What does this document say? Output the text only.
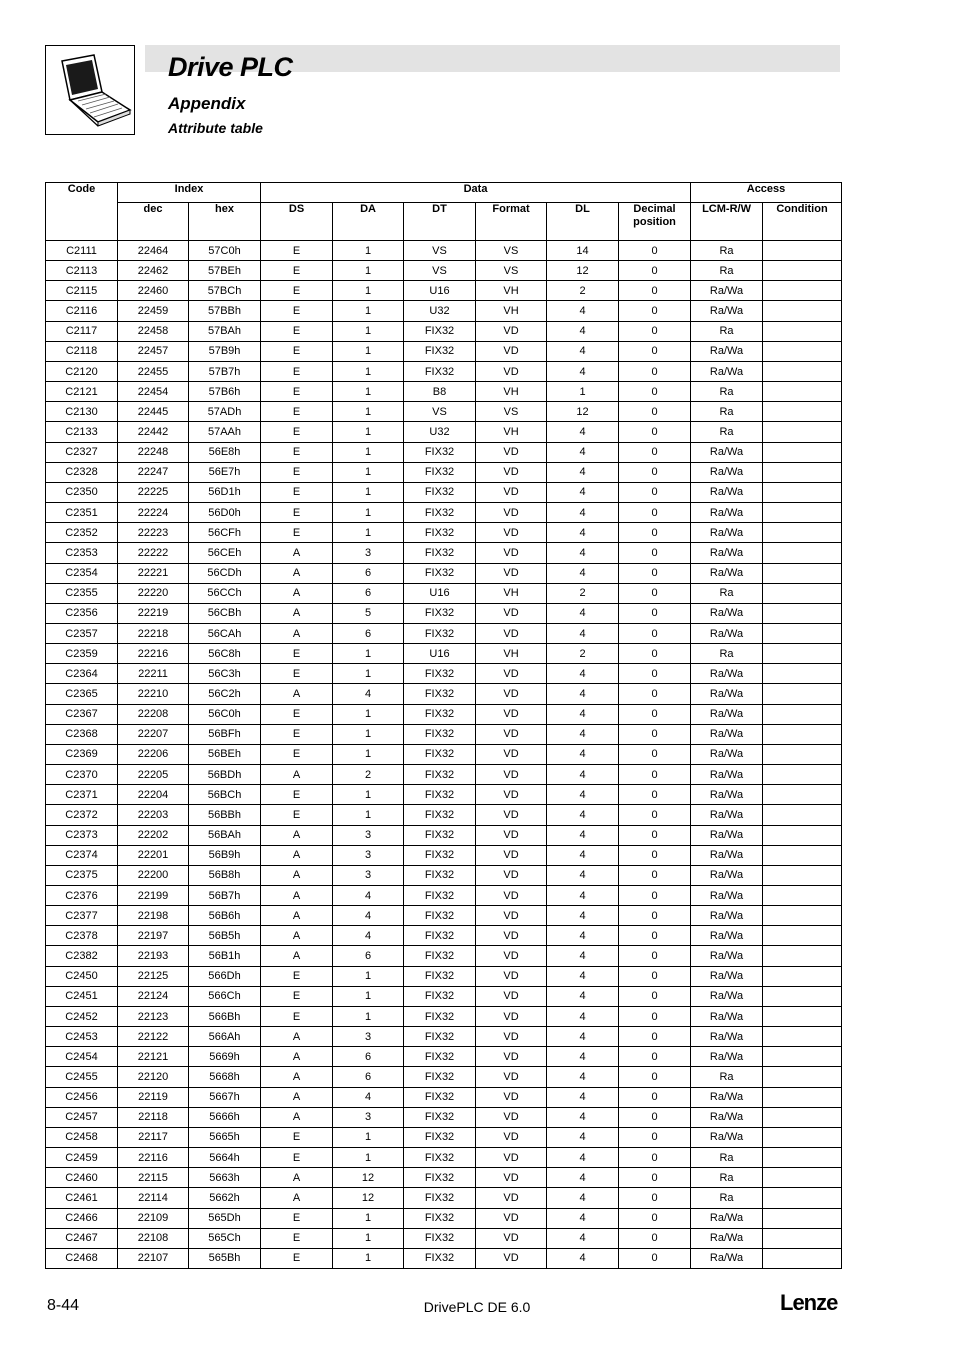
Drive PLC
Appendix
Attribute table
Code	Index		Data						Access	
	dec	hex	DS	DA	DT	Format	DL	Decimal position	LCM-R/W	Condition
C2111	22464	57C0h	E	1	VS	VS	14	0	Ra	
C2113	22462	57BEh	E	1	VS	VS	12	0	Ra	
C2115	22460	57BCh	E	1	U16	VH	2	0	Ra/Wa	
C2116	22459	57BBh	E	1	U32	VH	4	0	Ra/Wa	
C2117	22458	57BAh	E	1	FIX32	VD	4	0	Ra	
C2118	22457	57B9h	E	1	FIX32	VD	4	0	Ra/Wa	
C2120	22455	57B7h	E	1	FIX32	VD	4	0	Ra/Wa	
C2121	22454	57B6h	E	1	B8	VH	1	0	Ra	
C2130	22445	57ADh	E	1	VS	VS	12	0	Ra	
C2133	22442	57AAh	E	1	U32	VH	4	0	Ra	
C2327	22248	56E8h	E	1	FIX32	VD	4	0	Ra/Wa	
C2328	22247	56E7h	E	1	FIX32	VD	4	0	Ra/Wa	
C2350	22225	56D1h	E	1	FIX32	VD	4	0	Ra/Wa	
C2351	22224	56D0h	E	1	FIX32	VD	4	0	Ra/Wa	
C2352	22223	56CFh	E	1	FIX32	VD	4	0	Ra/Wa	
C2353	22222	56CEh	A	3	FIX32	VD	4	0	Ra/Wa	
C2354	22221	56CDh	A	6	FIX32	VD	4	0	Ra/Wa	
C2355	22220	56CCh	A	6	U16	VH	2	0	Ra	
C2356	22219	56CBh	A	5	FIX32	VD	4	0	Ra/Wa	
C2357	22218	56CAh	A	6	FIX32	VD	4	0	Ra/Wa	
C2359	22216	56C8h	E	1	U16	VH	2	0	Ra	
C2364	22211	56C3h	E	1	FIX32	VD	4	0	Ra/Wa	
C2365	22210	56C2h	A	4	FIX32	VD	4	0	Ra/Wa	
C2367	22208	56C0h	E	1	FIX32	VD	4	0	Ra/Wa	
C2368	22207	56BFh	E	1	FIX32	VD	4	0	Ra/Wa	
C2369	22206	56BEh	E	1	FIX32	VD	4	0	Ra/Wa	
C2370	22205	56BDh	A	2	FIX32	VD	4	0	Ra/Wa	
C2371	22204	56BCh	E	1	FIX32	VD	4	0	Ra/Wa	
C2372	22203	56BBh	E	1	FIX32	VD	4	0	Ra/Wa	
C2373	22202	56BAh	A	3	FIX32	VD	4	0	Ra/Wa	
C2374	22201	56B9h	A	3	FIX32	VD	4	0	Ra/Wa	
C2375	22200	56B8h	A	3	FIX32	VD	4	0	Ra/Wa	
C2376	22199	56B7h	A	4	FIX32	VD	4	0	Ra/Wa	
C2377	22198	56B6h	A	4	FIX32	VD	4	0	Ra/Wa	
C2378	22197	56B5h	A	4	FIX32	VD	4	0	Ra/Wa	
C2382	22193	56B1h	A	6	FIX32	VD	4	0	Ra/Wa	
C2450	22125	566Dh	E	1	FIX32	VD	4	0	Ra/Wa	
C2451	22124	566Ch	E	1	FIX32	VD	4	0	Ra/Wa	
C2452	22123	566Bh	E	1	FIX32	VD	4	0	Ra/Wa	
C2453	22122	566Ah	A	3	FIX32	VD	4	0	Ra/Wa	
C2454	22121	5669h	A	6	FIX32	VD	4	0	Ra/Wa	
C2455	22120	5668h	A	6	FIX32	VD	4	0	Ra	
C2456	22119	5667h	A	4	FIX32	VD	4	0	Ra/Wa	
C2457	22118	5666h	A	3	FIX32	VD	4	0	Ra/Wa	
C2458	22117	5665h	E	1	FIX32	VD	4	0	Ra/Wa	
C2459	22116	5664h	E	1	FIX32	VD	4	0	Ra	
C2460	22115	5663h	A	12	FIX32	VD	4	0	Ra	
C2461	22114	5662h	A	12	FIX32	VD	4	0	Ra	
C2466	22109	565Dh	E	1	FIX32	VD	4	0	Ra/Wa	
C2467	22108	565Ch	E	1	FIX32	VD	4	0	Ra/Wa	
C2468	22107	565Bh	E	1	FIX32	VD	4	0	Ra/Wa	
8-44	DrivePLC DE 6.0	Lenze
